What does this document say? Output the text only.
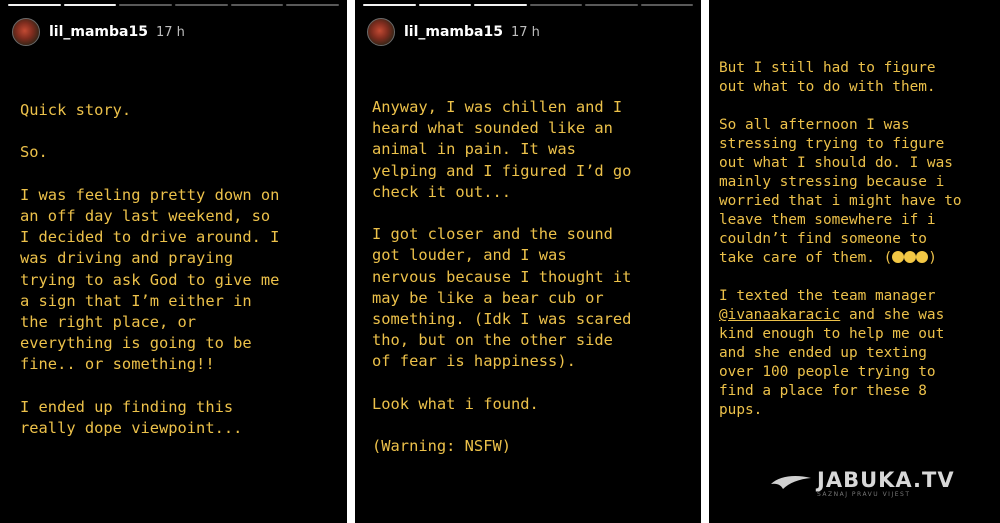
lil_mamba15 17 h
Quick story.

So.

I was feeling pretty down on
an off day last weekend, so
I decided to drive around. I
was driving and praying
trying to ask God to give me
a sign that I’m either in
the right place, or
everything is going to be
fine.. or something!!

I ended up finding this
really dope viewpoint...
lil_mamba15 17 h
Anyway, I was chillen and I
heard what sounded like an
animal in pain. It was
yelping and I figured I’d go
check it out...

I got closer and the sound
got louder, and I was
nervous because I thought it
may be like a bear cub or
something. (Idk I was scared
tho, but on the other side
of fear is happiness).

Look what i found.

(Warning: NSFW)
But I still had to figure
out what to do with them.

So all afternoon I was
stressing trying to figure
out what I should do. I was
mainly stressing because i
worried that i might have to
leave them somewhere if i
couldn’t find someone to
take care of them. (	)

I texted the team manager
@ivanaakaracic and she was
kind enough to help me out
and she ended up texting
over 100 people trying to
find a place for these 8
pups.
JABUKA.TV
SAZNAJ PRAVU VIJEST
